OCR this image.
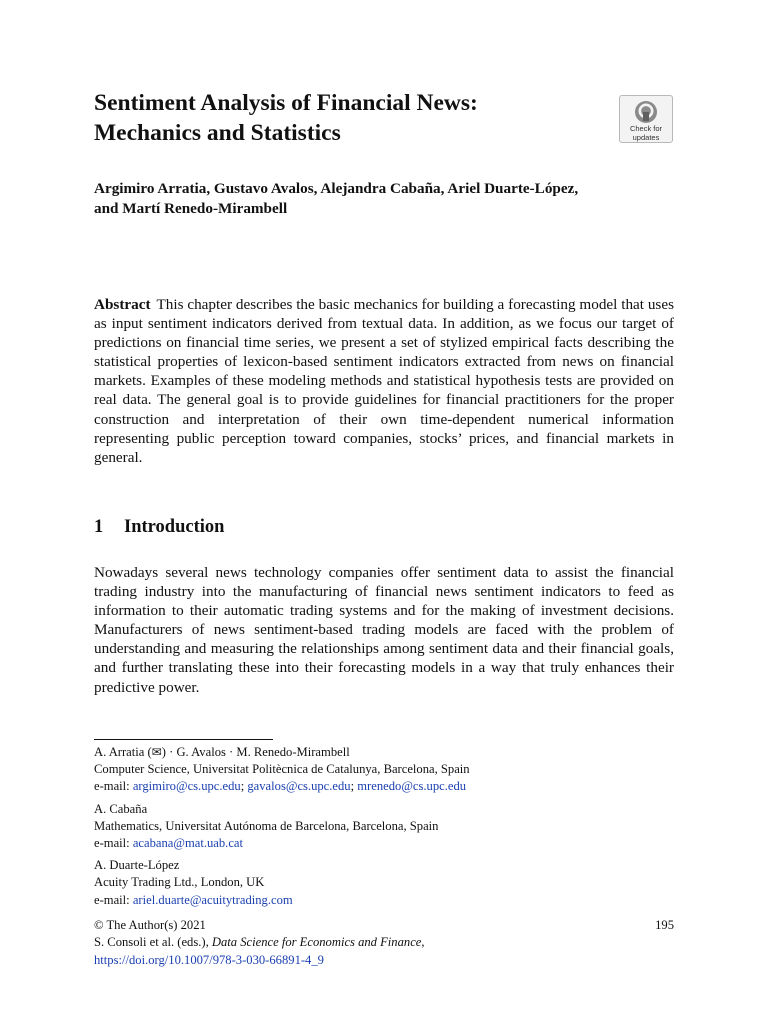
Sentiment Analysis of Financial News:
Mechanics and Statistics	Check for
updates
Argimiro Arratia, Gustavo Avalos, Alejandra Cabaña, Ariel Duarte-López,
and Martí Renedo-Mirambell

Abstract This chapter describes the basic mechanics for building a forecasting model that uses as input sentiment indicators derived from textual data. In addition, as we focus our target of predictions on financial time series, we present a set of stylized empirical facts describing the statistical properties of lexicon-based sentiment indicators extracted from news on financial markets. Examples of these modeling methods and statistical hypothesis tests are provided on real data. The general goal is to provide guidelines for financial practitioners for the proper construction and interpretation of their own time-dependent numerical information representing public perception toward companies, stocks’ prices, and financial markets in general.

1 Introduction

Nowadays several news technology companies offer sentiment data to assist the financial trading industry into the manufacturing of financial news sentiment indicators to feed as information to their automatic trading systems and for the making of investment decisions. Manufacturers of news sentiment-based trading models are faced with the problem of understanding and measuring the relationships among sentiment data and their financial goals, and further translating these into their forecasting models in a way that truly enhances their predictive power.

A. Arratia (✉) · G. Avalos · M. Renedo-Mirambell
Computer Science, Universitat Politècnica de Catalunya, Barcelona, Spain
e-mail: argimiro@cs.upc.edu; gavalos@cs.upc.edu; mrenedo@cs.upc.edu
A. Cabaña
Mathematics, Universitat Autónoma de Barcelona, Barcelona, Spain
e-mail: acabana@mat.uab.cat
A. Duarte-López
Acuity Trading Ltd., London, UK
e-mail: ariel.duarte@acuitytrading.com
© The Author(s) 2021	195
S. Consoli et al. (eds.), Data Science for Economics and Finance,
https://doi.org/10.1007/978-3-030-66891-4_9
